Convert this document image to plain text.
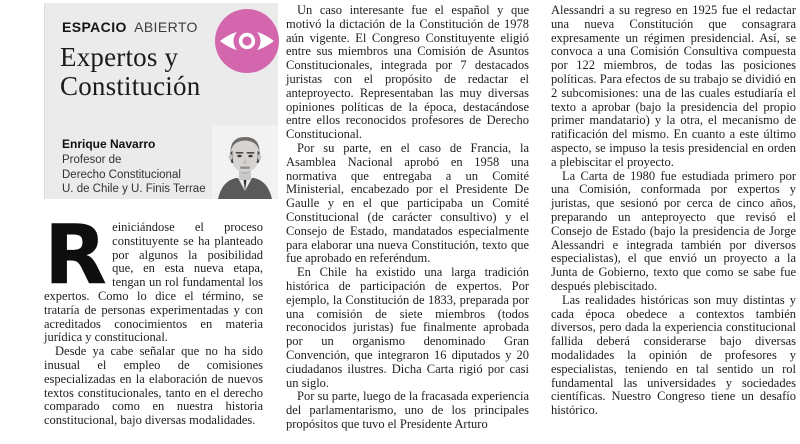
ESPACIO ABIERTO
Expertos y
Constitución
Enrique Navarro
Profesor de
Derecho Constitucional
U. de Chile y U. Finis Terrae

Reiniciándose el proceso constituyente se ha planteado por algunos la posibilidad que, en esta nueva etapa, tengan un rol fundamental los expertos. Como lo dice el término, se trataría de personas experimentadas y con acreditados conocimientos en materia jurídica y constitucional.

Desde ya cabe señalar que no ha sido inusual el empleo de comisiones especializadas en la elaboración de nuevos textos constitucionales, tanto en el derecho comparado como en nuestra historia constitucional, bajo diversas modalidades.

Un caso interesante fue el español y que motivó la dictación de la Constitución de 1978 aún vigente. El Congreso Constituyente eligió entre sus miembros una Comisión de Asuntos Constitucionales, integrada por 7 destacados juristas con el propósito de redactar el anteproyecto. Representaban las muy diversas opiniones políticas de la época, destacándose entre ellos reconocidos profesores de Derecho Constitucional.

Por su parte, en el caso de Francia, la Asamblea Nacional aprobó en 1958 una normativa que entregaba a un Comité Ministerial, encabezado por el Presidente De Gaulle y en el que participaba un Comité Constitucional (de carácter consultivo) y el Consejo de Estado, mandatados especialmente para elaborar una nueva Constitución, texto que fue aprobado en referéndum.

En Chile ha existido una larga tradición histórica de participación de expertos. Por ejemplo, la Constitución de 1833, preparada por una comisión de siete miembros (todos reconocidos juristas) fue finalmente aprobada por un organismo denominado Gran Convención, que integraron 16 diputados y 20 ciudadanos ilustres. Dicha Carta rigió por casi un siglo.

Por su parte, luego de la fracasada experiencia del parlamentarismo, uno de los principales propósitos que tuvo el Presidente Arturo

Alessandri a su regreso en 1925 fue el redactar una nueva Constitución que consagrara expresamente un régimen presidencial. Así, se convoca a una Comisión Consultiva compuesta por 122 miembros, de todas las posiciones políticas. Para efectos de su trabajo se dividió en 2 subcomisiones: una de las cuales estudiaría el texto a aprobar (bajo la presidencia del propio primer mandatario) y la otra, el mecanismo de ratificación del mismo. En cuanto a este último aspecto, se impuso la tesis presidencial en orden a plebiscitar el proyecto.

La Carta de 1980 fue estudiada primero por una Comisión, conformada por expertos y juristas, que sesionó por cerca de cinco años, preparando un anteproyecto que revisó el Consejo de Estado (bajo la presidencia de Jorge Alessandri e integrada también por diversos especialistas), el que envió un proyecto a la Junta de Gobierno, texto que como se sabe fue después plebiscitado.

Las realidades históricas son muy distintas y cada época obedece a contextos también diversos, pero dada la experiencia constitucional fallida deberá considerarse bajo diversas modalidades la opinión de profesores y especialistas, teniendo en tal sentido un rol fundamental las universidades y sociedades científicas. Nuestro Congreso tiene un desafío histórico.
